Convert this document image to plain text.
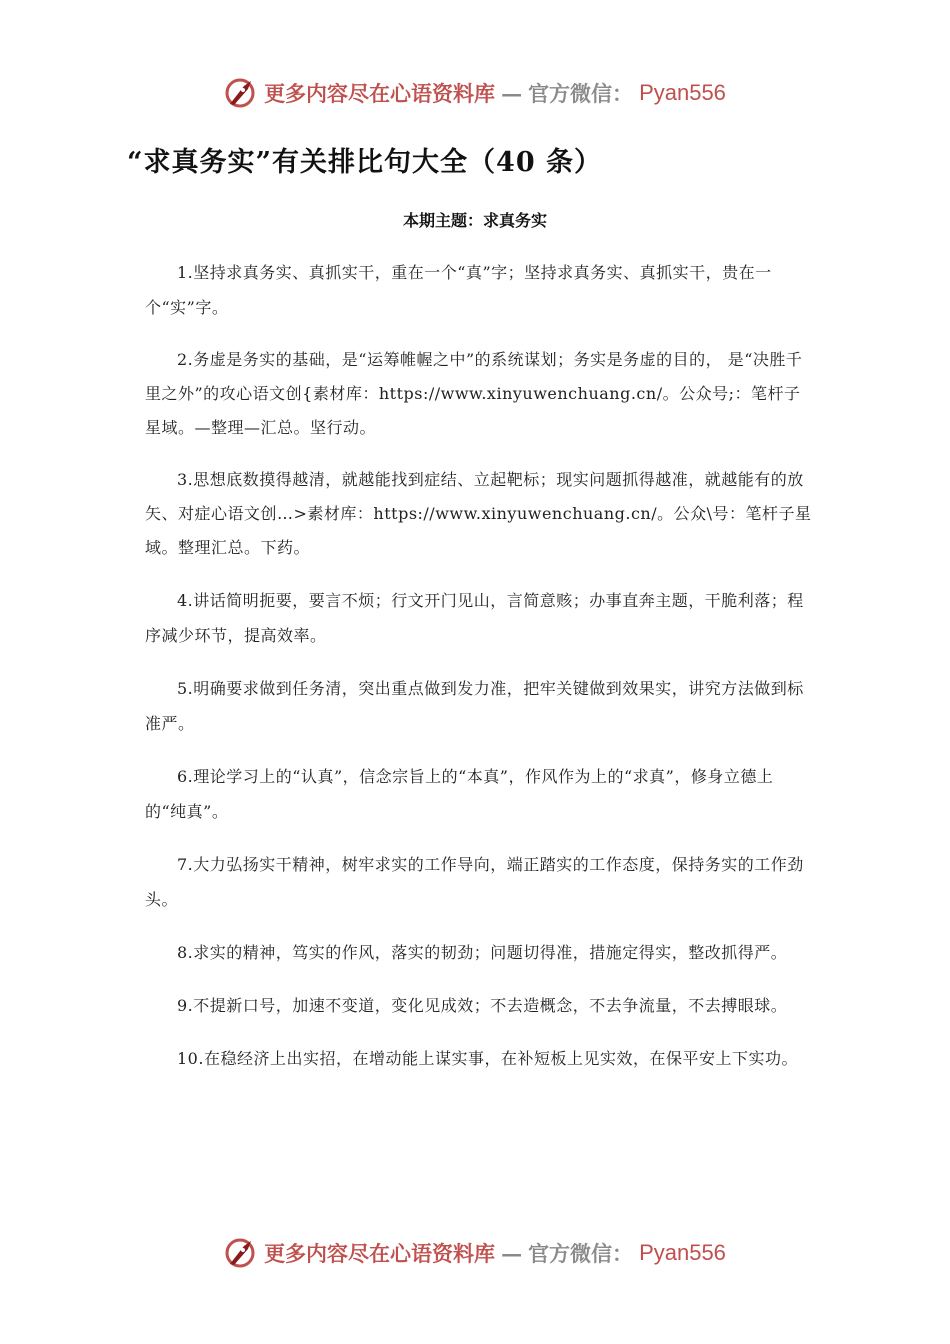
更多内容尽在心语资料库 — 官方微信： Pyan556
“求真务实”有关排比句大全（40 条）
本期主题：求真务实

1.坚持求真务实、真抓实干，重在一个“真”字；坚持求真务实、真抓实干，贵在一个“实”字。

2.务虚是务实的基础，是“运筹帷幄之中”的系统谋划；务实是务虚的目的， 是“决胜千里之外”的攻心语文创{素材库：https://www.xinyuwenchuang.cn/。公众号;：笔杆子星域。—整理—汇总。坚行动。

3.思想底数摸得越清，就越能找到症结、立起靶标；现实问题抓得越准，就越能有的放矢、对症心语文创…>素材库：https://www.xinyuwenchuang.cn/。公众\号：笔杆子星域。整理汇总。下药。

4.讲话简明扼要，要言不烦；行文开门见山，言简意赅；办事直奔主题，干脆利落；程序减少环节，提高效率。

5.明确要求做到任务清，突出重点做到发力准，把牢关键做到效果实，讲究方法做到标准严。

6.理论学习上的“认真”，信念宗旨上的“本真”，作风作为上的“求真”，修身立德上的“纯真”。

7.大力弘扬实干精神，树牢求实的工作导向，端正踏实的工作态度，保持务实的工作劲头。

8.求实的精神，笃实的作风，落实的韧劲；问题切得准，措施定得实，整改抓得严。

9.不提新口号，加速不变道，变化见成效；不去造概念，不去争流量，不去搏眼球。

10.在稳经济上出实招，在增动能上谋实事，在补短板上见实效，在保平安上下实功。

更多内容尽在心语资料库 — 官方微信： Pyan556
